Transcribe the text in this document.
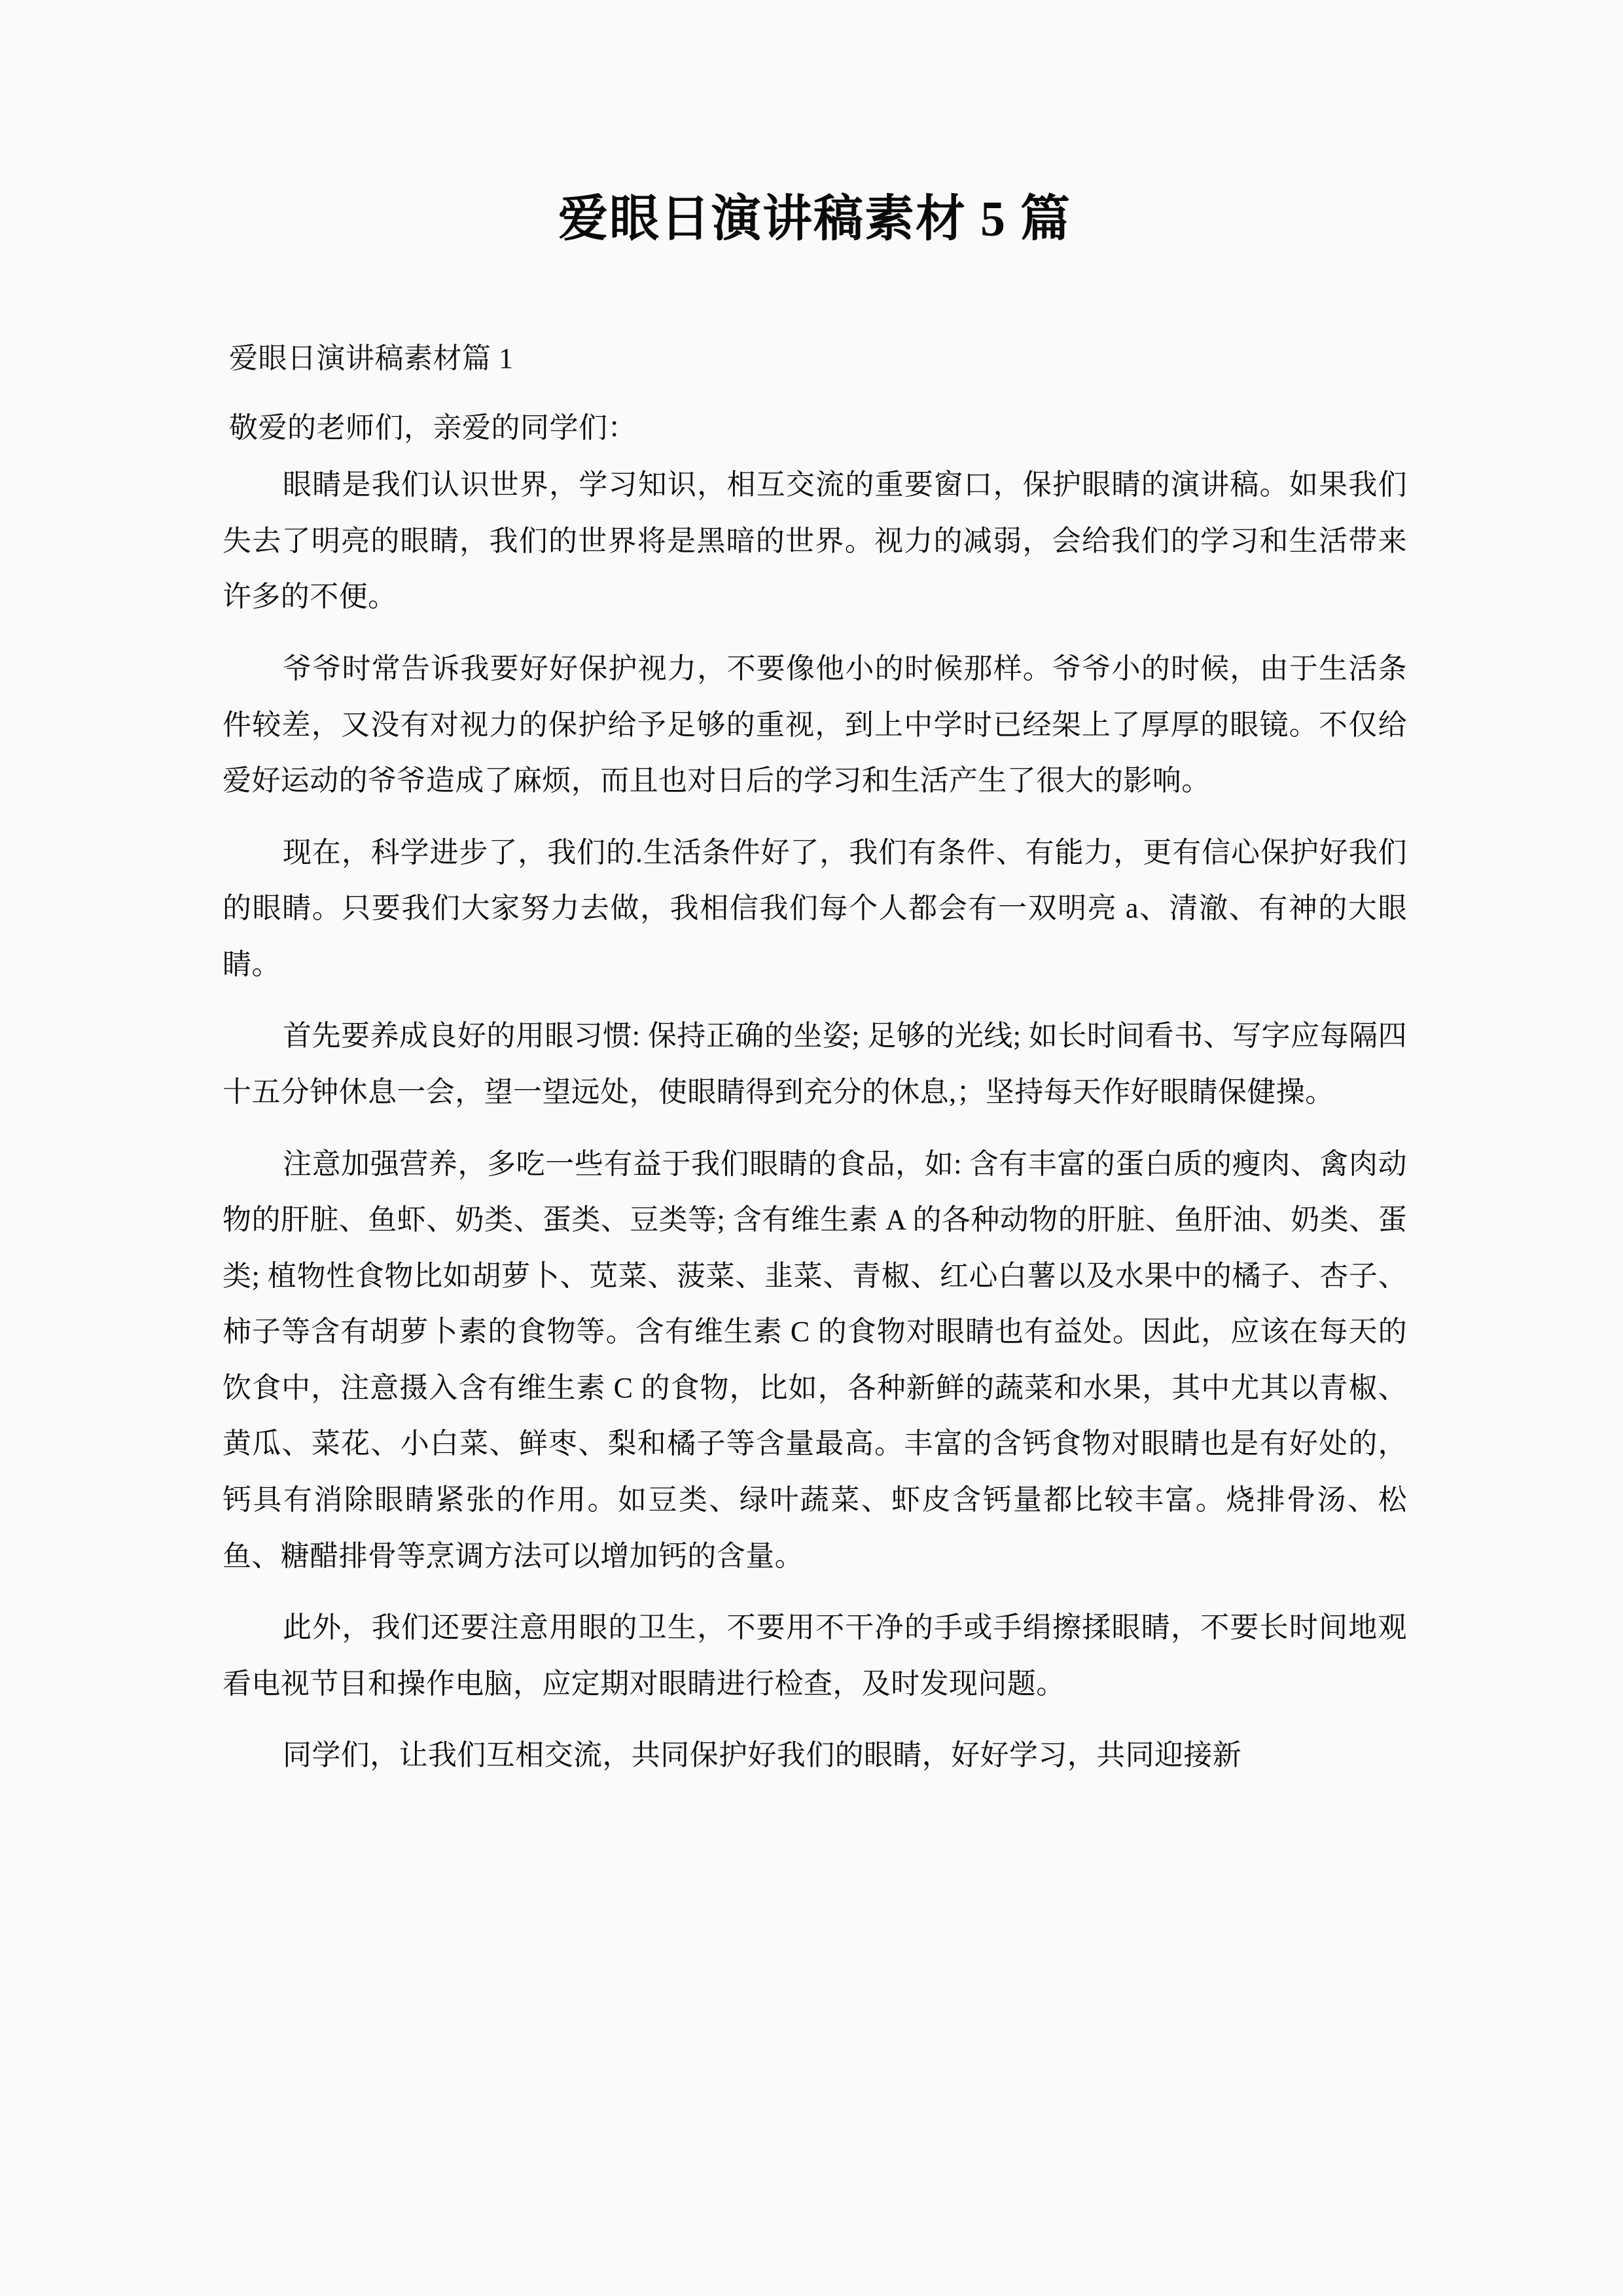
爱眼日演讲稿素材 5 篇
爱眼日演讲稿素材篇 1
敬爱的老师们，亲爱的同学们：

眼睛是我们认识世界，学习知识，相互交流的重要窗口，保护眼睛的演讲稿。如果我们失去了明亮的眼睛，我们的世界将是黑暗的世界。视力的减弱，会给我们的学习和生活带来许多的不便。

爷爷时常告诉我要好好保护视力，不要像他小的时候那样。爷爷小的时候，由于生活条件较差，又没有对视力的保护给予足够的重视，到上中学时已经架上了厚厚的眼镜。不仅给爱好运动的爷爷造成了麻烦，而且也对日后的学习和生活产生了很大的影响。

现在，科学进步了，我们的.生活条件好了，我们有条件、有能力，更有信心保护好我们的眼睛。只要我们大家努力去做，我相信我们每个人都会有一双明亮 a、清澈、有神的大眼睛。

首先要养成良好的用眼习惯: 保持正确的坐姿; 足够的光线; 如长时间看书、写字应每隔四十五分钟休息一会，望一望远处，使眼睛得到充分的休息,；坚持每天作好眼睛保健操。

注意加强营养，多吃一些有益于我们眼睛的食品，如: 含有丰富的蛋白质的瘦肉、禽肉动物的肝脏、鱼虾、奶类、蛋类、豆类等; 含有维生素 A 的各种动物的肝脏、鱼肝油、奶类、蛋类; 植物性食物比如胡萝卜、苋菜、菠菜、韭菜、青椒、红心白薯以及水果中的橘子、杏子、柿子等含有胡萝卜素的食物等。含有维生素 C 的食物对眼睛也有益处。因此，应该在每天的饮食中，注意摄入含有维生素 C 的食物，比如，各种新鲜的蔬菜和水果，其中尤其以青椒、黄瓜、菜花、小白菜、鲜枣、梨和橘子等含量最高。丰富的含钙食物对眼睛也是有好处的，钙具有消除眼睛紧张的作用。如豆类、绿叶蔬菜、虾皮含钙量都比较丰富。烧排骨汤、松鱼、糖醋排骨等烹调方法可以增加钙的含量。

此外，我们还要注意用眼的卫生，不要用不干净的手或手绢擦揉眼睛，不要长时间地观看电视节目和操作电脑，应定期对眼睛进行检查，及时发现问题。

同学们，让我们互相交流，共同保护好我们的眼睛，好好学习，共同迎接新
